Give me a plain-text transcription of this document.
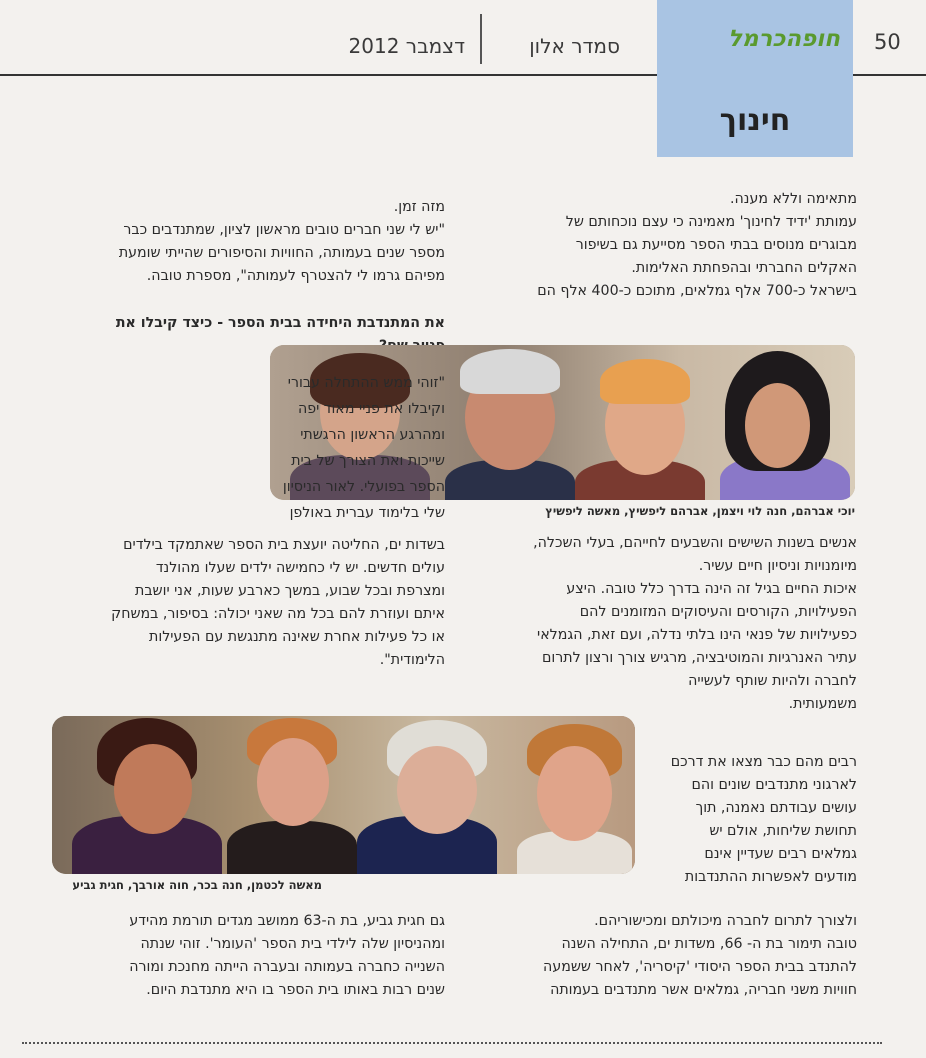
50
חופהכרמל
חינוך
סמדר אלון
דצמבר 2012
מתאימה וללא מענה.
עמותת 'ידיד לחינוך' מאמינה כי עצם נוכחותם של
מבוגרים מנוסים בבתי הספר מסייעת גם בשיפור
האקלים החברתי ובהפחתת האלימות.
בישראל כ-700 אלף גמלאים, מתוכם כ-400 אלף הם
מזה זמן.
"יש לי שני חברים טובים מראשון לציון, שמתנדבים כבר
מספר שנים בעמותה, החוויות והסיפורים שהייתי שומעת
מפיהם גרמו לי להצטרף לעמותה", מספרת טובה.
את המתנדבת היחידה בבית הספר - כיצד קיבלו את
יוכי אברהם, חנה לוי ויצמן, אברהם ליפשיץ, מאשה ליפשיץ
"זוהי ממש ההתחלה עבורי
וקיבלו את פניי מאוד יפה
ומהרגע הראשון הרגשתי
שייכות ואת הצורך של בית
הספר בפועלי. לאור הניסיון
שלי בלימוד עברית באולפן
בשדות ים, החליטה יועצת בית הספר שאתמקד בילדים
עולים חדשים. יש לי כחמישה ילדים שעלו מהולנד
ומצרפת ובכל שבוע, במשך כארבע שעות, אני יושבת
איתם ועוזרת להם בכל מה שאני יכולה: בסיפור, במשחק
או כל פעילות אחרת שאינה מתנגשת עם הפעילות
הלימודית".
אנשים בשנות השישים והשבעים לחייהם, בעלי השכלה,
מיומנויות וניסיון חיים עשיר.
איכות החיים בגיל זה הינה בדרך כלל טובה. היצע
הפעילויות, הקורסים והעיסוקים המזומנים להם
כפעילויות של פנאי הינו בלתי נדלה, ועם זאת, הגמלאי
עתיר האנרגיות והמוטיבציה, מרגיש צורך ורצון לתרום
לחברה ולהיות שותף לעשייה
משמעותית.
מאשה לכטמן, חנה בכר, חוה אורבך, חגית גביע
רבים מהם כבר מצאו את דרכם
לארגוני מתנדבים שונים והם
עושים עבודתם נאמנה, תוך
תחושת שליחות, אולם יש
גמלאים רבים שעדיין אינם
מודעים לאפשרות ההתנדבות
ולצורך לתרום לחברה מיכולתם ומכישוריהם.
טובה תימור בת ה- 66, משדות ים, התחילה השנה
להתנדב בבית הספר היסודי 'קיסריה', לאחר ששמעה
חוויות משני חבריה, גמלאים אשר מתנדבים בעמותה
גם חגית גביע, בת ה-63 ממושב מגדים תורמת מהידע
ומהניסיון שלה לילדי בית הספר 'העומר'. זוהי שנתה
השנייה כחברה בעמותה ובעברה הייתה מחנכת ומורה
שנים רבות באותו בית הספר בו היא מתנדבת היום.
